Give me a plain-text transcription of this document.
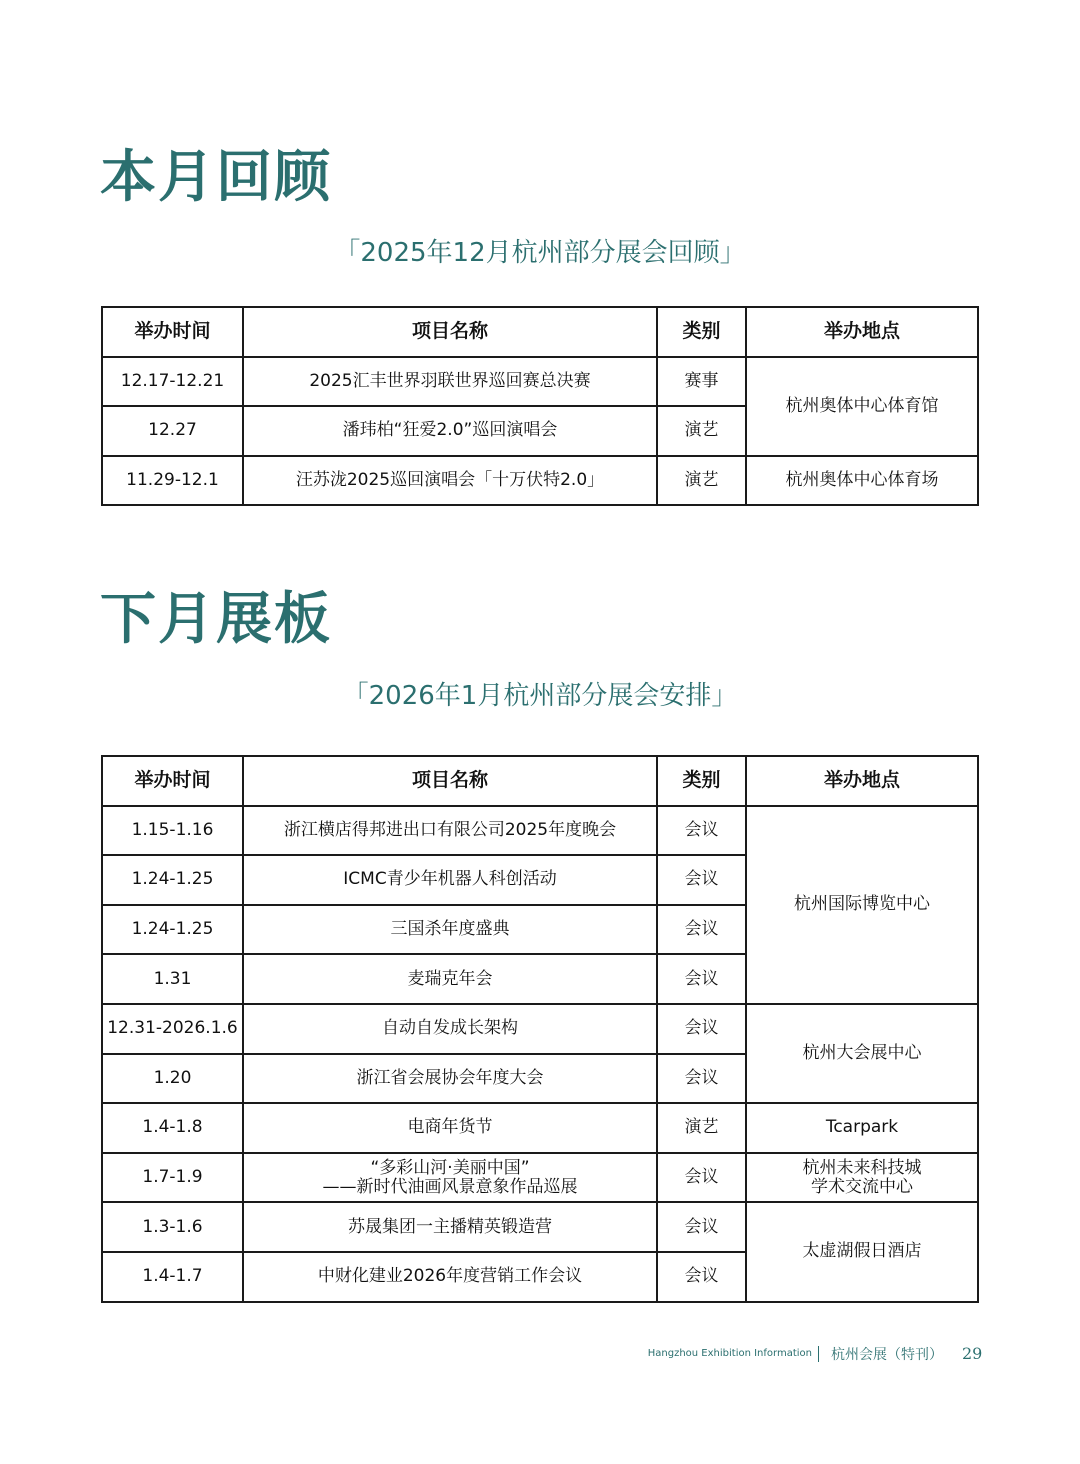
本月回顾

「2025年12月杭州部分展会回顾」

举办时间	项目名称	类别	举办地点
12.17-12.21	2025汇丰世界羽联世界巡回赛总决赛	赛事	杭州奥体中心体育馆
12.27	潘玮柏“狂爱2.0”巡回演唱会	演艺	
11.29-12.1	汪苏泷2025巡回演唱会「十万伏特2.0」	演艺	杭州奥体中心体育场
下月展板

「2026年1月杭州部分展会安排」

举办时间	项目名称	类别	举办地点
1.15-1.16	浙江横店得邦进出口有限公司2025年度晚会	会议	杭州国际博览中心
1.24-1.25	ICMC青少年机器人科创活动	会议	
1.24-1.25	三国杀年度盛典	会议	
1.31	麦瑞克年会	会议	
12.31-2026.1.6	自动自发成长架构	会议	杭州大会展中心
1.20	浙江省会展协会年度大会	会议	
1.4-1.8	电商年货节	演艺	Tcarpark
1.7-1.9	“多彩山河·美丽中国”
——新时代油画风景意象作品巡展	会议	杭州未来科技城
学术交流中心

1.3-1.6	苏晟集团一主播精英锻造营	会议	太虚湖假日酒店
1.4-1.7	中财化建业2026年度营销工作会议	会议	
Hangzhou Exhibition Information 杭州会展（特刊） 29
